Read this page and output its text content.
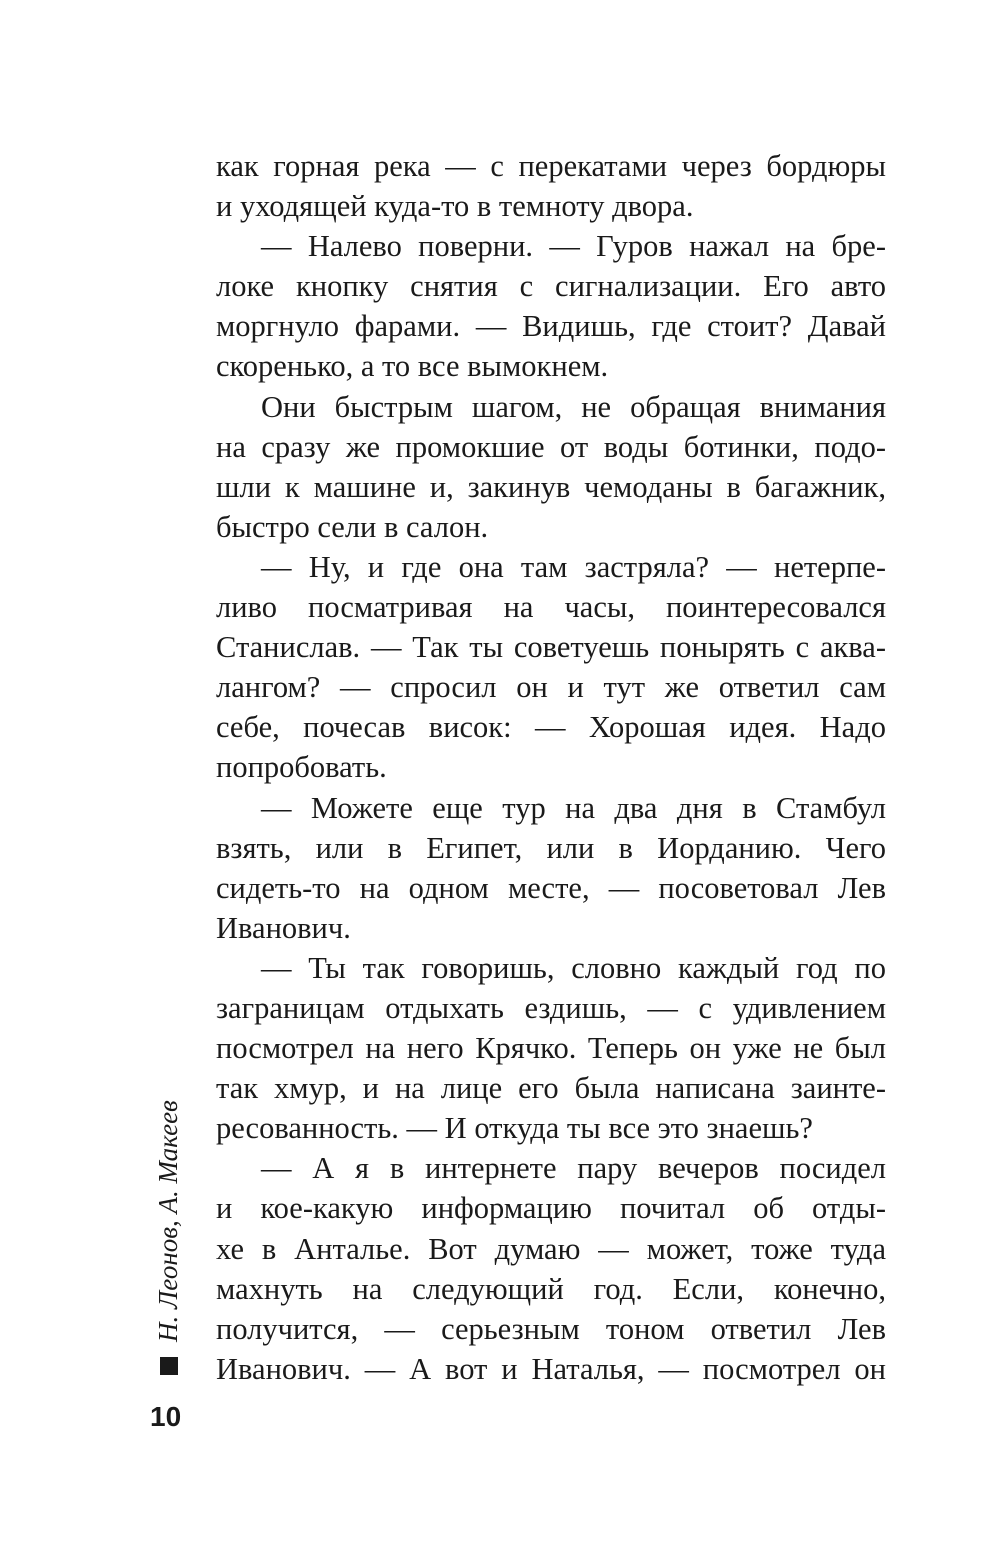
как горная река — с перекатами через бордюры
и уходящей куда-то в темноту двора.
— Налево поверни. — Гуров нажал на бре-
локе кнопку снятия с сигнализации. Его авто
моргнуло фарами. — Видишь, где стоит? Давай
скоренько, а то все вымокнем.
Они быстрым шагом, не обращая внимания
на сразу же промокшие от воды ботинки, подо-
шли к машине и, закинув чемоданы в багажник,
быстро сели в салон.
— Ну, и где она там застряла? — нетерпе-
ливо посматривая на часы, поинтересовался
Станислав. — Так ты советуешь понырять с аква-
лангом? — спросил он и тут же ответил сам
себе, почесав висок: — Хорошая идея. Надо
попробовать.
— Можете еще тур на два дня в Стамбул
взять, или в Египет, или в Иорданию. Чего
сидеть-то на одном месте, — посоветовал Лев
Иванович.
— Ты так говоришь, словно каждый год по
заграницам отдыхать ездишь, — с удивлением
посмотрел на него Крячко. Теперь он уже не был
так хмур, и на лице его была написана заинте-
ресованность. — И откуда ты все это знаешь?
— А я в интернете пару вечеров посидел
и кое-какую информацию почитал об отды-
хе в Анталье. Вот думаю — может, тоже туда
махнуть на следующий год. Если, конечно,
получится, — серьезным тоном ответил Лев
Иванович. — А вот и Наталья, — посмотрел он
Н. Леонов, А. Макеев
10
